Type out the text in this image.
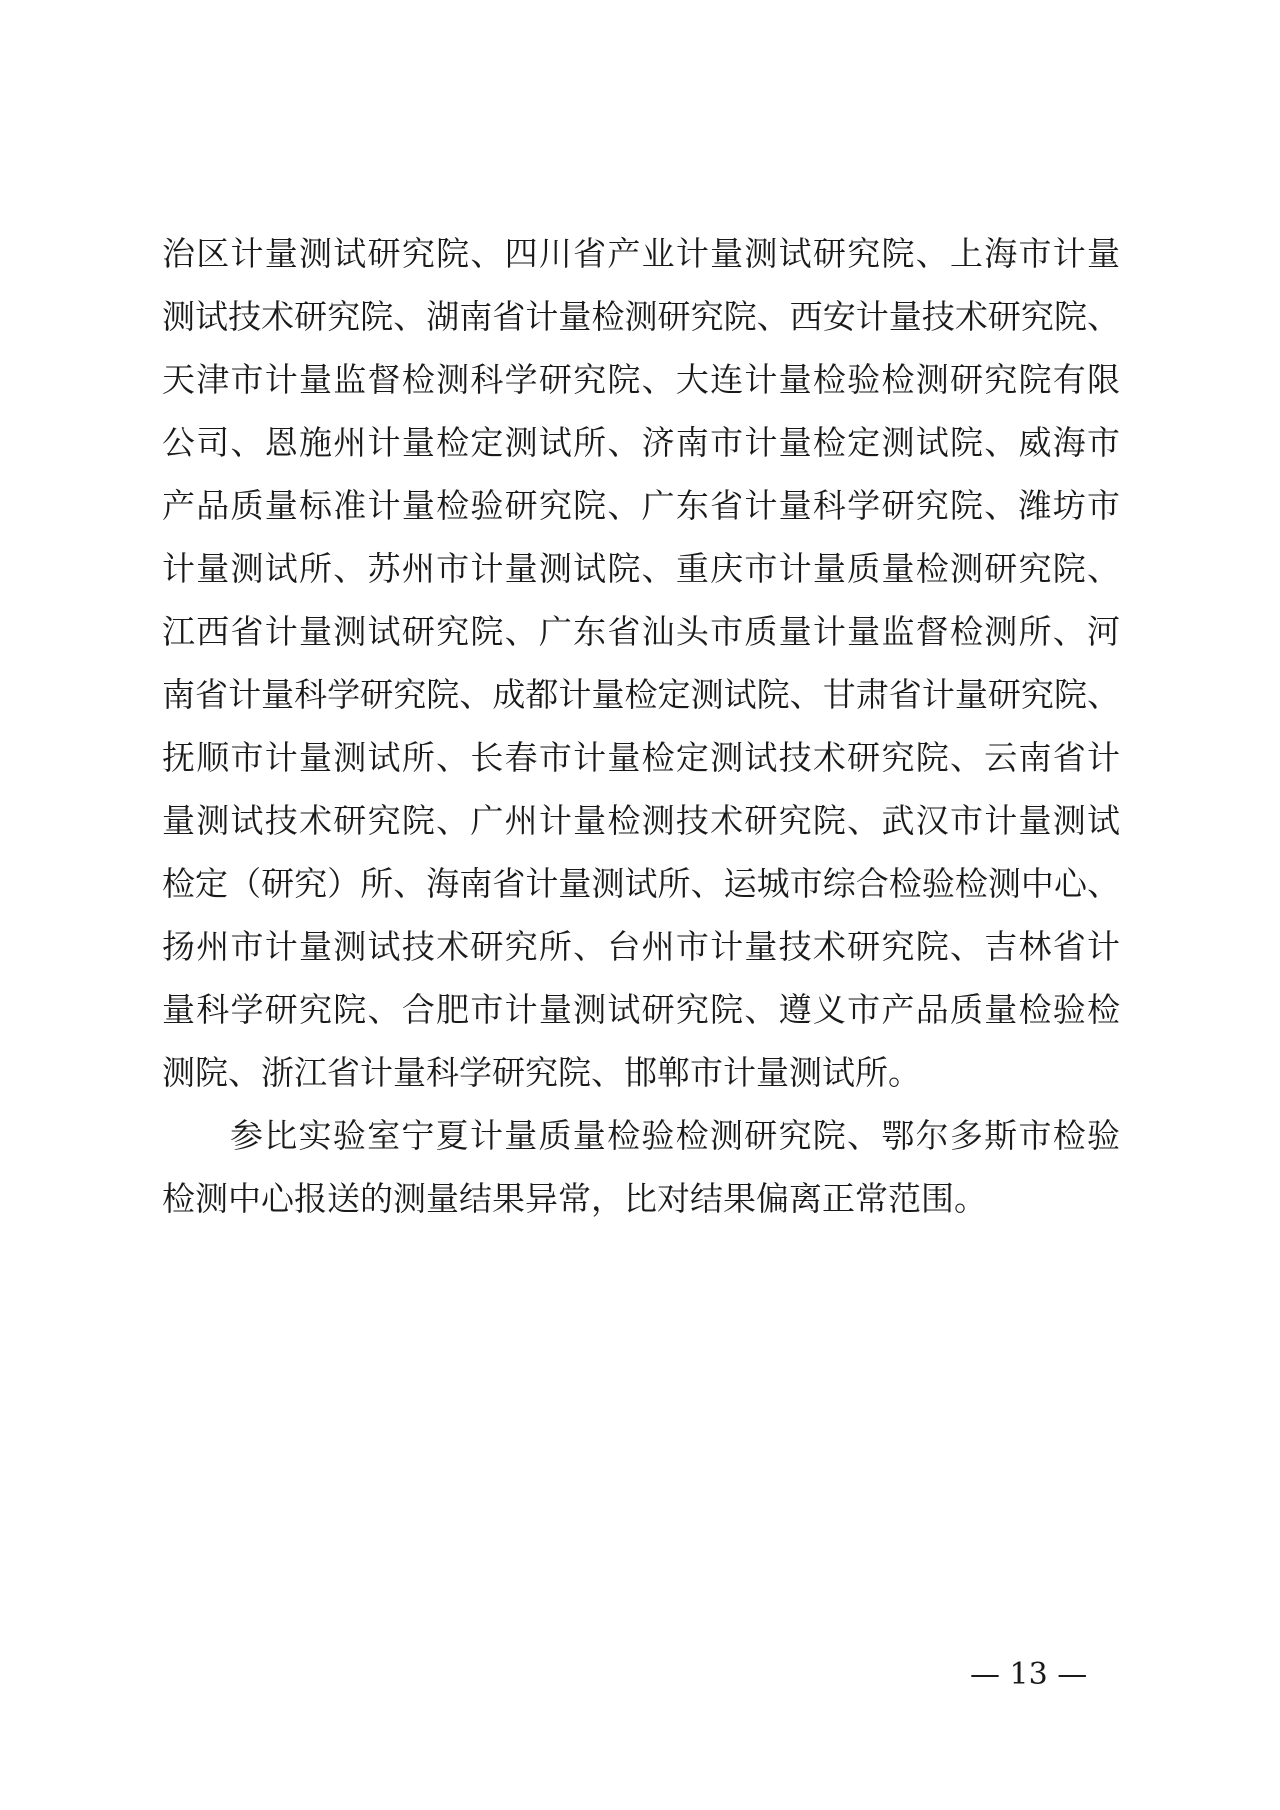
治区计量测试研究院、四川省产业计量测试研究院、上海市计量
测试技术研究院、湖南省计量检测研究院、西安计量技术研究院、
天津市计量监督检测科学研究院、大连计量检验检测研究院有限
公司、恩施州计量检定测试所、济南市计量检定测试院、威海市
产品质量标准计量检验研究院、广东省计量科学研究院、潍坊市
计量测试所、苏州市计量测试院、重庆市计量质量检测研究院、
江西省计量测试研究院、广东省汕头市质量计量监督检测所、河
南省计量科学研究院、成都计量检定测试院、甘肃省计量研究院、
抚顺市计量测试所、长春市计量检定测试技术研究院、云南省计
量测试技术研究院、广州计量检测技术研究院、武汉市计量测试
检定（研究）所、海南省计量测试所、运城市综合检验检测中心、
扬州市计量测试技术研究所、台州市计量技术研究院、吉林省计
量科学研究院、合肥市计量测试研究院、遵义市产品质量检验检
测院、浙江省计量科学研究院、邯郸市计量测试所。
参比实验室宁夏计量质量检验检测研究院、鄂尔多斯市检验
检测中心报送的测量结果异常，比对结果偏离正常范围。
— 13 —
